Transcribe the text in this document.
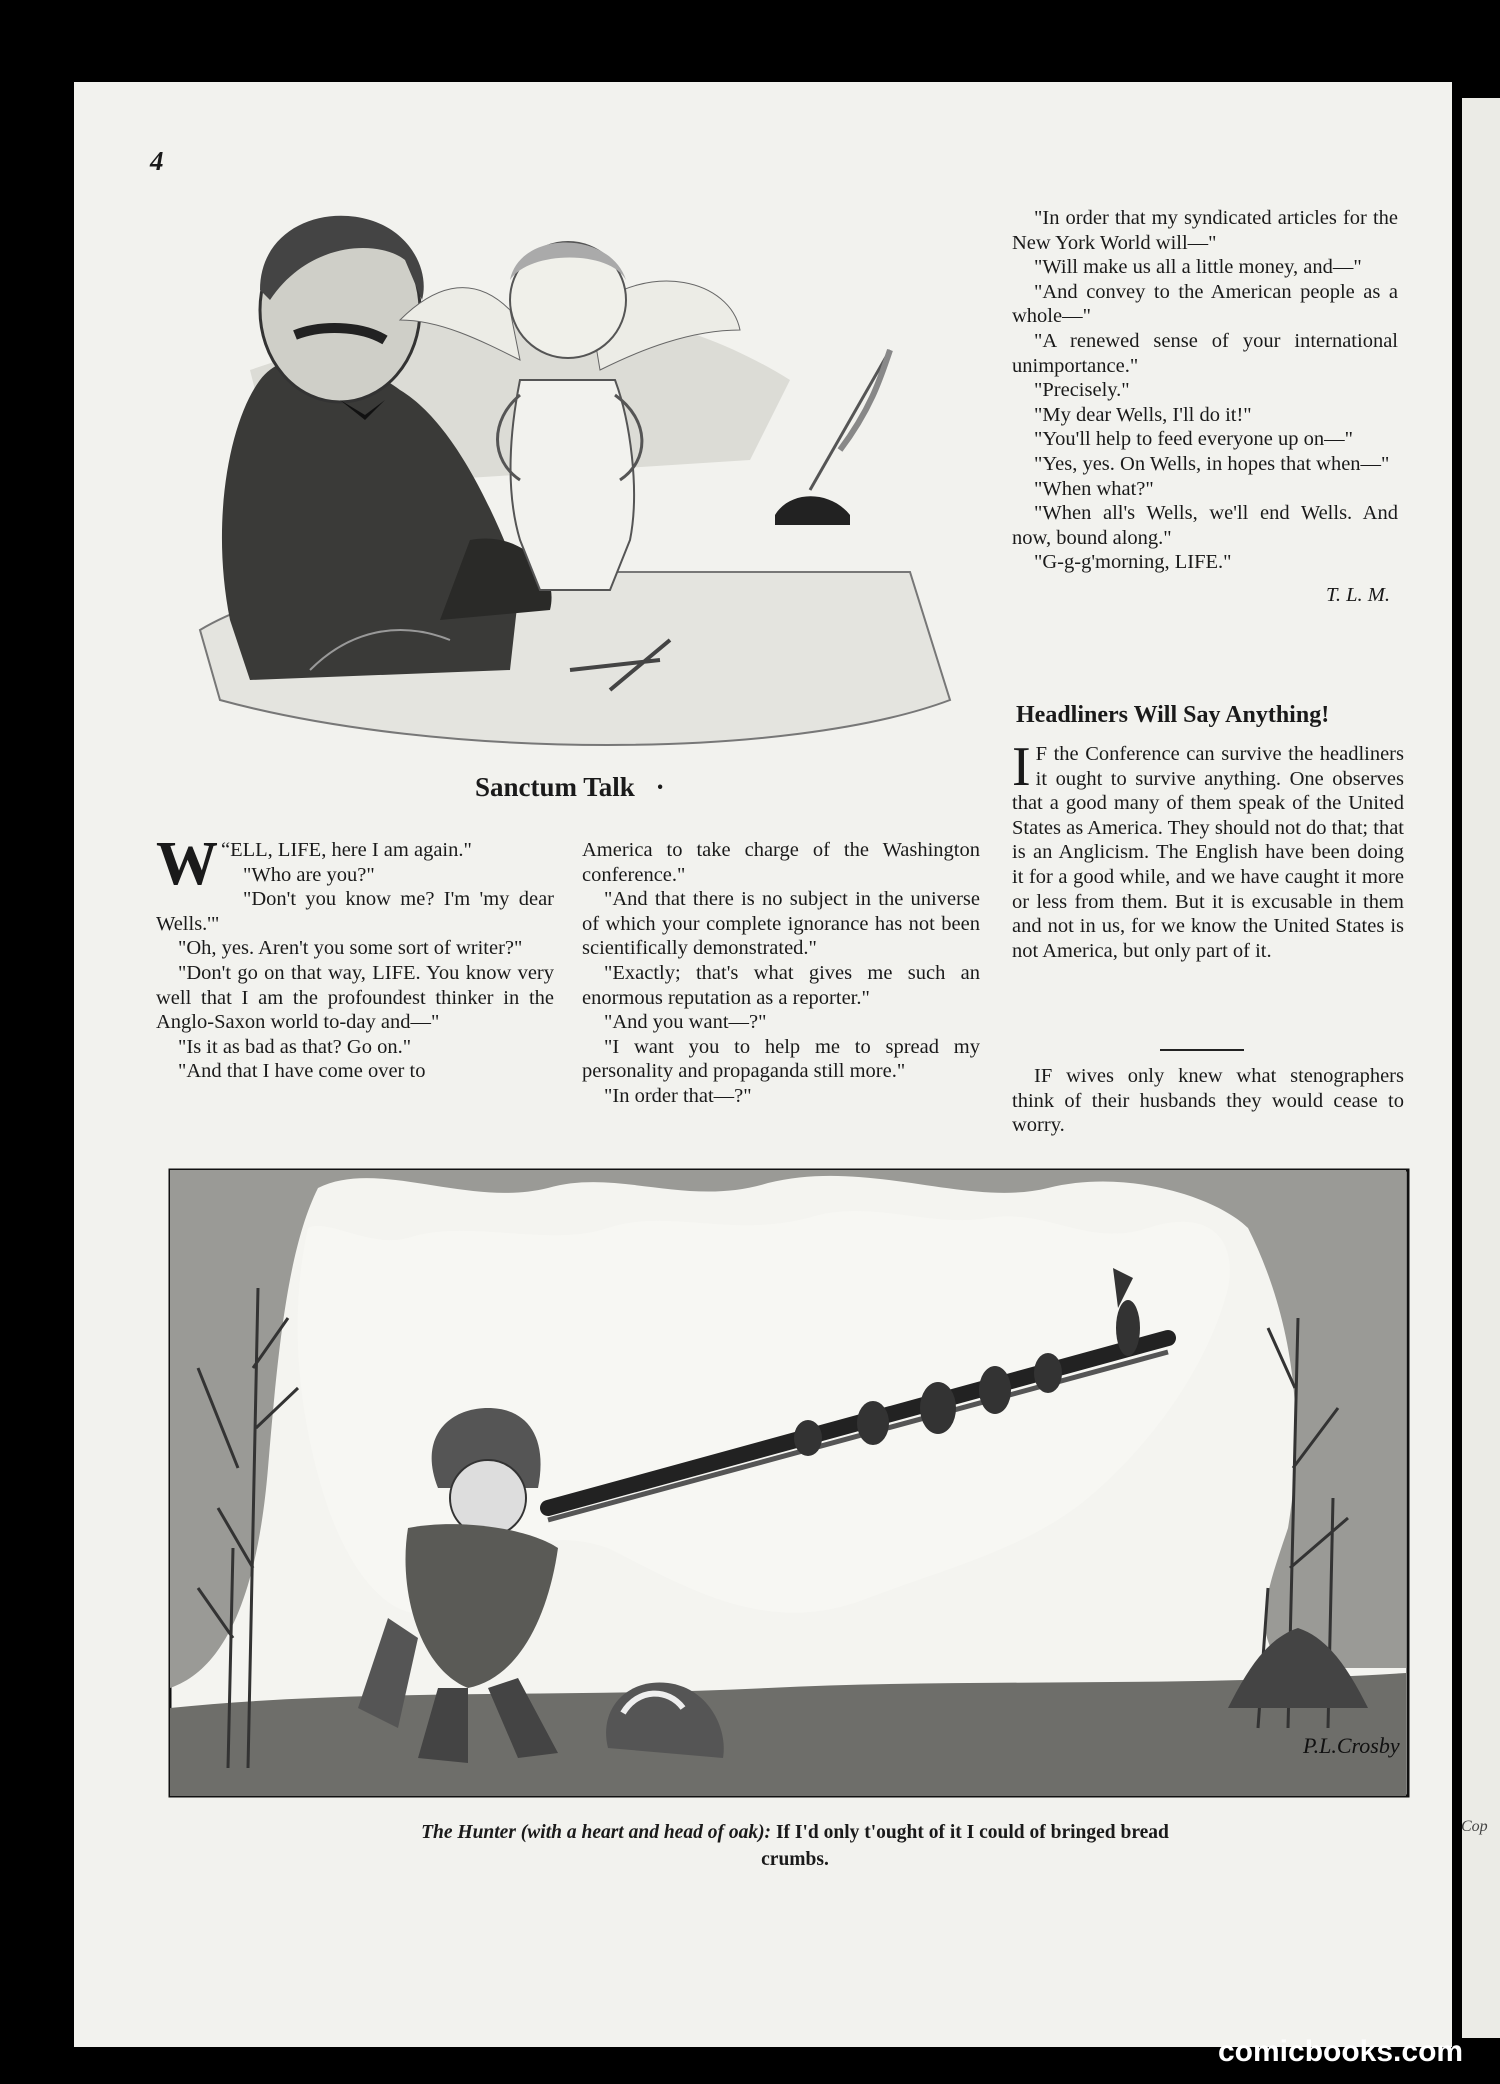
Cop
4
Sanctum Talk ·

“
W ELL, LIFE, here I am again."

"Who are you?"

"Don't you know me? I'm 'my dear Wells.'"

"Oh, yes. Aren't you some sort of writer?"

"Don't go on that way, LIFE. You know very well that I am the profoundest thinker in the Anglo-Saxon world to-day and—"

"Is it as bad as that? Go on."

"And that I have come over to

America to take charge of the Washington conference."

"And that there is no subject in the universe of which your complete ignorance has not been scientifically demonstrated."

"Exactly; that's what gives me such an enormous reputation as a reporter."

"And you want—?"

"I want you to help me to spread my personality and propaganda still more."

"In order that—?"

"In order that my syndicated articles for the New York World will—"

"Will make us all a little money, and—"

"And convey to the American people as a whole—"

"A renewed sense of your international unimportance."

"Precisely."

"My dear Wells, I'll do it!"

"You'll help to feed everyone up on—"

"Yes, yes. On Wells, in hopes that when—"

"When what?"

"When all's Wells, we'll end Wells. And now, bound along."

"G-g-g'morning, LIFE."

T. L. M.

Headliners Will Say Anything!

I F the Conference can survive the headliners it ought to survive anything. One observes that a good many of them speak of the United States as America. They should not do that; that is an Anglicism. The English have been doing it for a good while, and we have caught it more or less from them. But it is excusable in them and not in us, for we know the United States is not America, but only part of it.

IF wives only knew what stenographers think of their husbands they would cease to worry.

P.L.Crosby
The Hunter (with a heart and head of oak): If I'd only t'ought of it I could of bringed bread crumbs.
comicbooks.com
